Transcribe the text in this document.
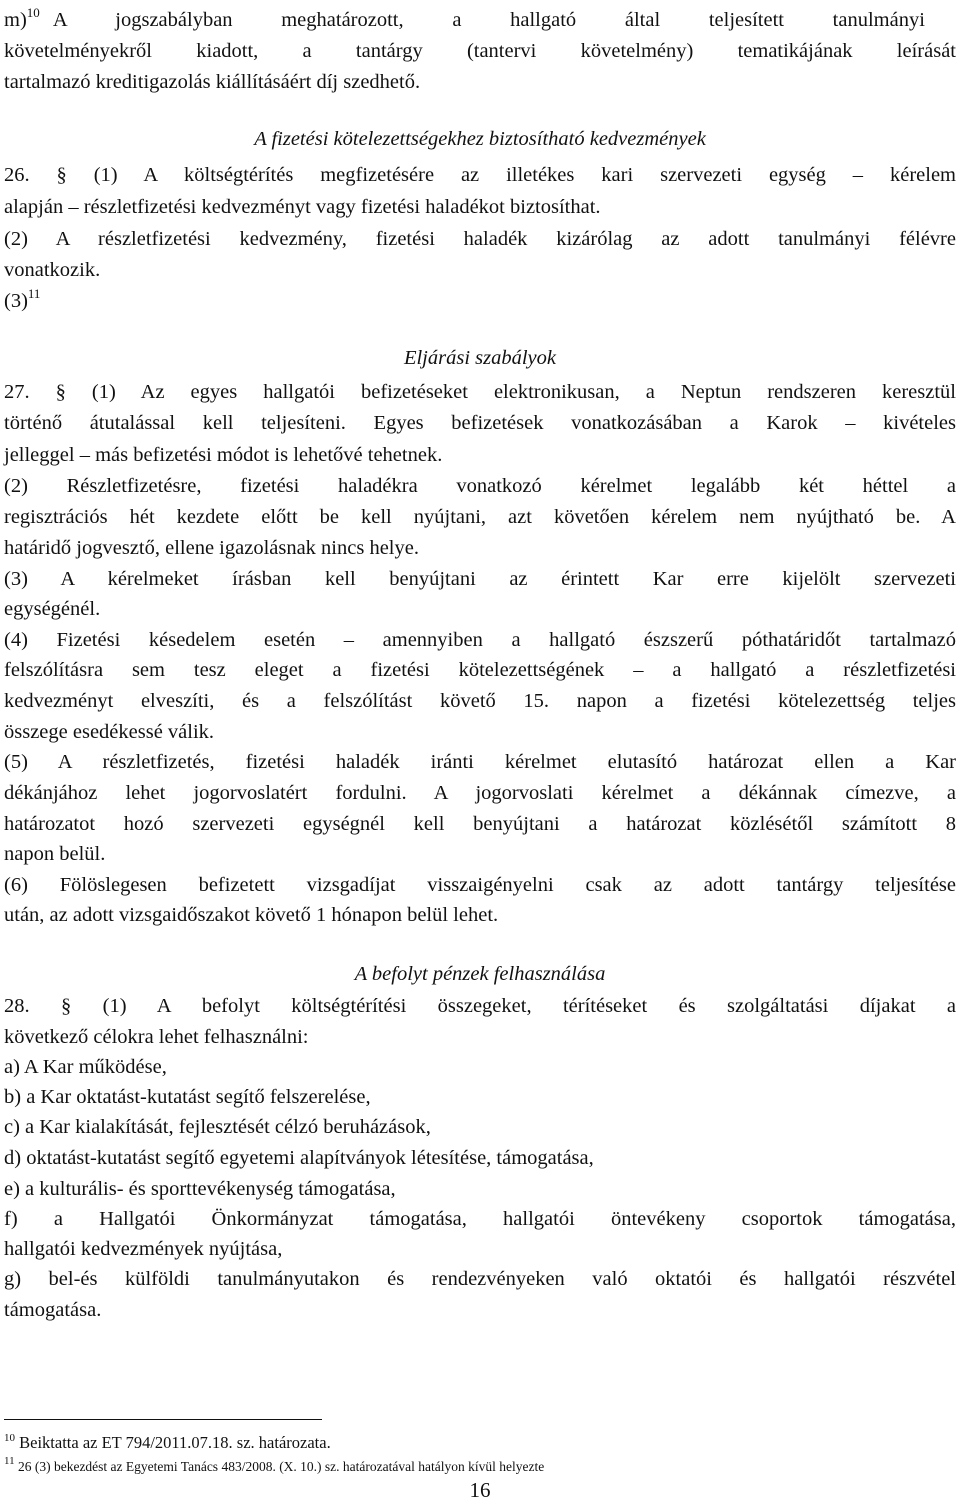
m)$^{10}$ A jogszabályban meghatározott, a hallgató által teljesített tanulmányi
követelményekről kiadott, a tantárgy (tantervi követelmény) tematikájának leírását
tartalmazó kreditigazolás kiállításáért díj szedhető.
A fizetési kötelezettségekhez biztosítható kedvezmények
26. § (1) A költségtérítés megfizetésére az illetékes kari szervezeti egység ‒ kérelem
alapján ‒ részletfizetési kedvezményt vagy fizetési haladékot biztosíthat.
(2) A részletfizetési kedvezmény, fizetési haladék kizárólag az adott tanulmányi félévre
vonatkozik.
$(3)^{11}$
Eljárási szabályok
27. § (1) Az egyes hallgatói befizetéseket elektronikusan, a Neptun rendszeren keresztül
történő átutalással kell teljesíteni. Egyes befizetések vonatkozásában a Karok ‒ kivételes
jelleggel ‒ más befizetési módot is lehetővé tehetnek.
(2) Részletfizetésre, fizetési haladékra vonatkozó kérelmet legalább két héttel a
regisztrációs hét kezdete előtt be kell nyújtani, azt követően kérelem nem nyújtható be. A
határidő jogvesztő, ellene igazolásnak nincs helye.
(3) A kérelmeket írásban kell benyújtani az érintett Kar erre kijelölt szervezeti
egységénél.
(4) Fizetési késedelem esetén ‒ amennyiben a hallgató észszerű póthatáridőt tartalmazó
felszólításra sem tesz eleget a fizetési kötelezettségének ‒ a hallgató a részletfizetési
kedvezményt elveszíti, és a felszólítást követő 15. napon a fizetési kötelezettség teljes
összege esedékessé válik.
(5) A részletfizetés, fizetési haladék iránti kérelmet elutasító határozat ellen a Kar
dékánjához lehet jogorvoslatért fordulni. A jogorvoslati kérelmet a dékánnak címezve, a
határozatot hozó szervezeti egységnél kell benyújtani a határozat közlésétől számított 8
napon belül.
(6) Fölöslegesen befizetett vizsgadíjat visszaigényelni csak az adott tantárgy teljesítése
után, az adott vizsgaidőszakot követő 1 hónapon belül lehet.
A befolyt pénzek felhasználása
28. § (1) A befolyt költségtérítési összegeket, térítéseket és szolgáltatási díjakat a
következő célokra lehet felhasználni:
a) A Kar működése,
b) a Kar oktatást-kutatást segítő felszerelése,
c) a Kar kialakítását, fejlesztését célzó beruházások,
d) oktatást-kutatást segítő egyetemi alapítványok létesítése, támogatása,
e) a kulturális- és sporttevékenység támogatása,
f) a Hallgatói Önkormányzat támogatása, hallgatói öntevékeny csoportok támogatása,
hallgatói kedvezmények nyújtása,
g) bel-és külföldi tanulmányutakon és rendezvényeken való oktatói és hallgatói részvétel
támogatása.
$^{10}$ Beiktatta az ET 794/2011.07.18. sz. határozata.
$^{11}$ 26 (3) bekezdést az Egyetemi Tanács 483/2008. (X. 10.) sz. határozatával hatályon kívül helyezte
16
